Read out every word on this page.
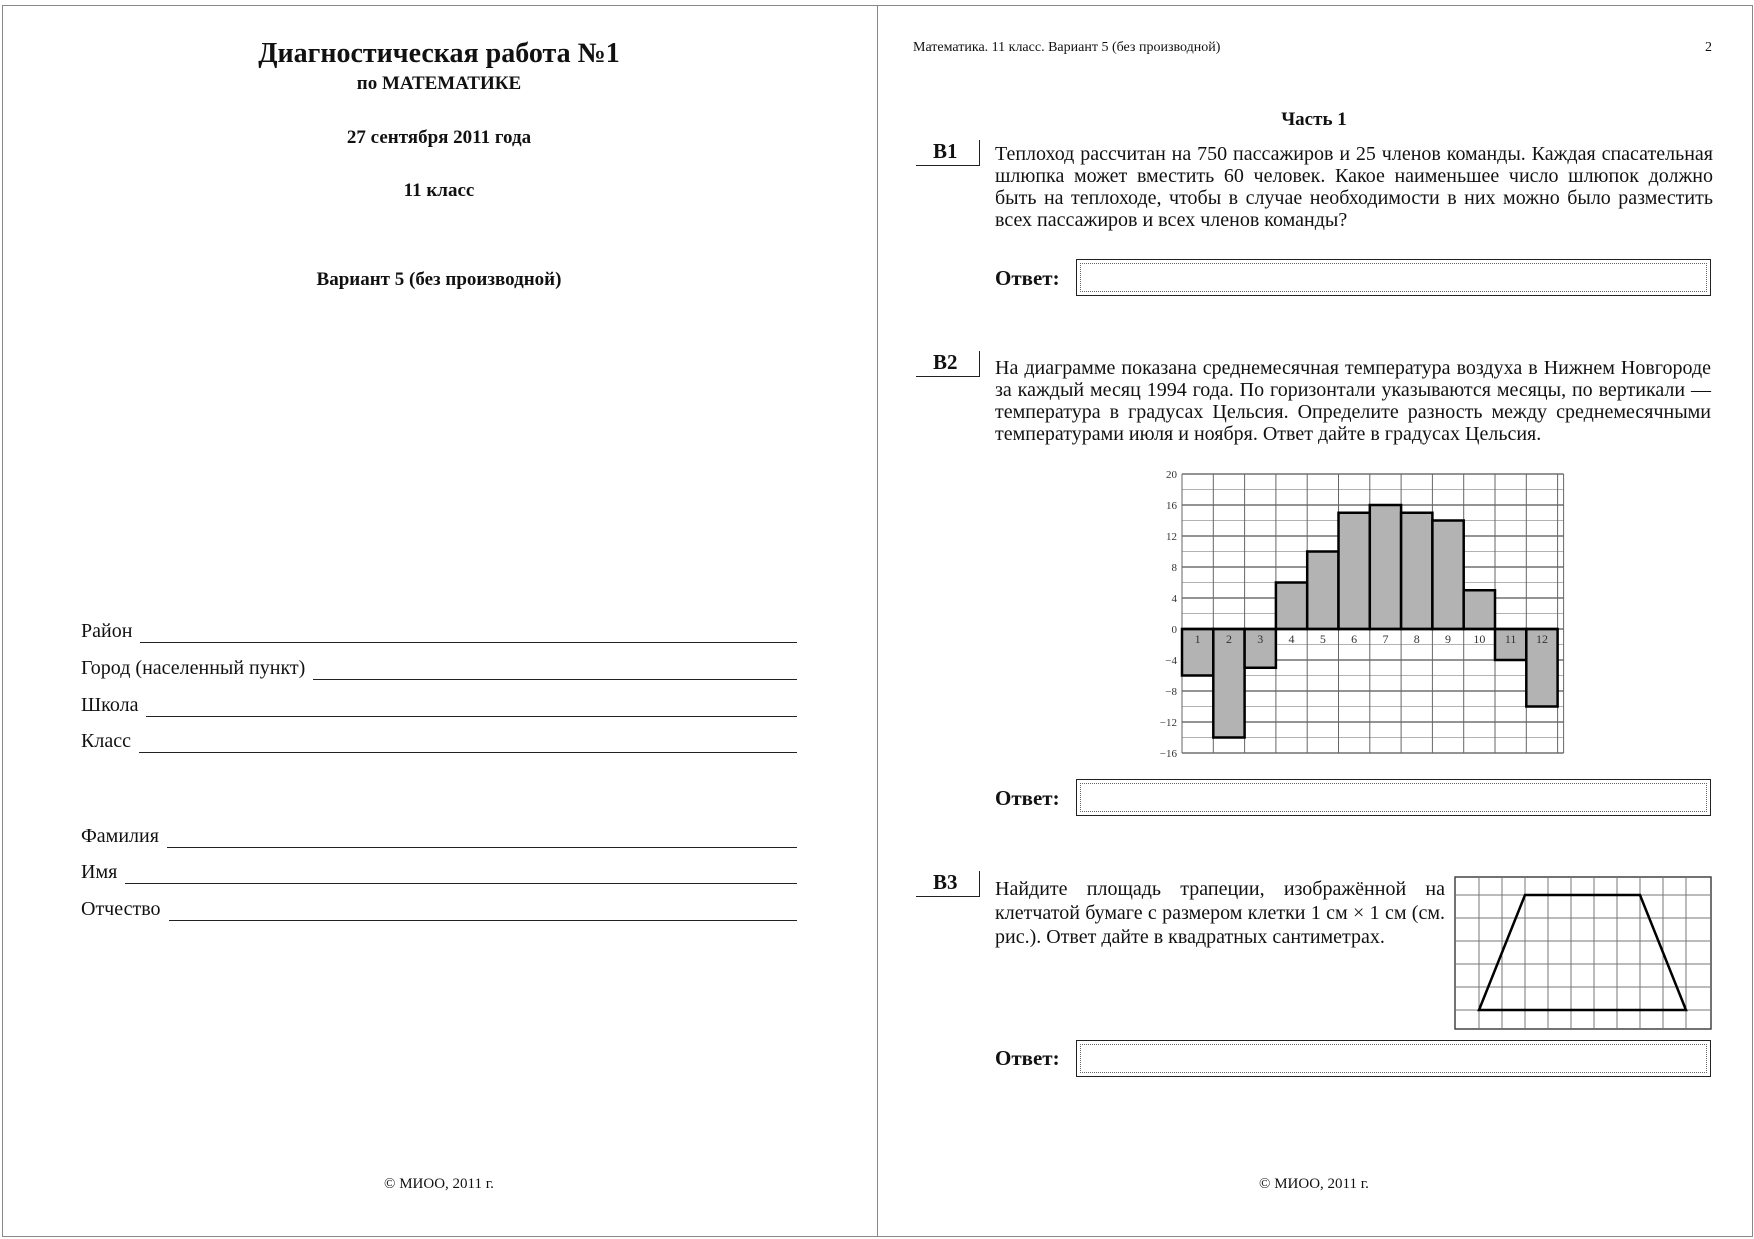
Диагностическая работа №1
по МАТЕМАТИКЕ
27 сентября 2011 года
11 класс
Вариант 5 (без производной)
Район
Город (населенный пункт)
Школа
Класс
Фамилия
Имя
Отчество
© МИОО, 2011 г.
Математика. 11 класс. Вариант 5 (без производной)	2
Часть 1
B1	Теплоход рассчитан на 750 пассажиров и 25 членов команды. Каждая спасательная шлюпка может вместить 60 человек. Какое наименьшее число шлюпок должно быть на теплоходе, чтобы в случае необходимости в них можно было разместить всех пассажиров и всех членов команды?
Ответ:
B2	На диаграмме показана среднемесячная температура воздуха в Нижнем Новгороде за каждый месяц 1994 года. По горизонтали указываются месяцы, по вертикали — температура в градусах Цельсия. Определите разность между среднемесячными температурами июля и ноября. Ответ дайте в градусах Цельсия.
1 2 3 4 5 6 7 8 9 10 11 12
20
16
12
8
4
0
−4
−8
−12
−16
Ответ:
B3	Найдите площадь трапеции, изображённой на клетчатой бумаге с размером клетки 1 см × 1 см (см. рис.). Ответ дайте в квадратных сантиметрах.
Ответ:
© МИОО, 2011 г.
